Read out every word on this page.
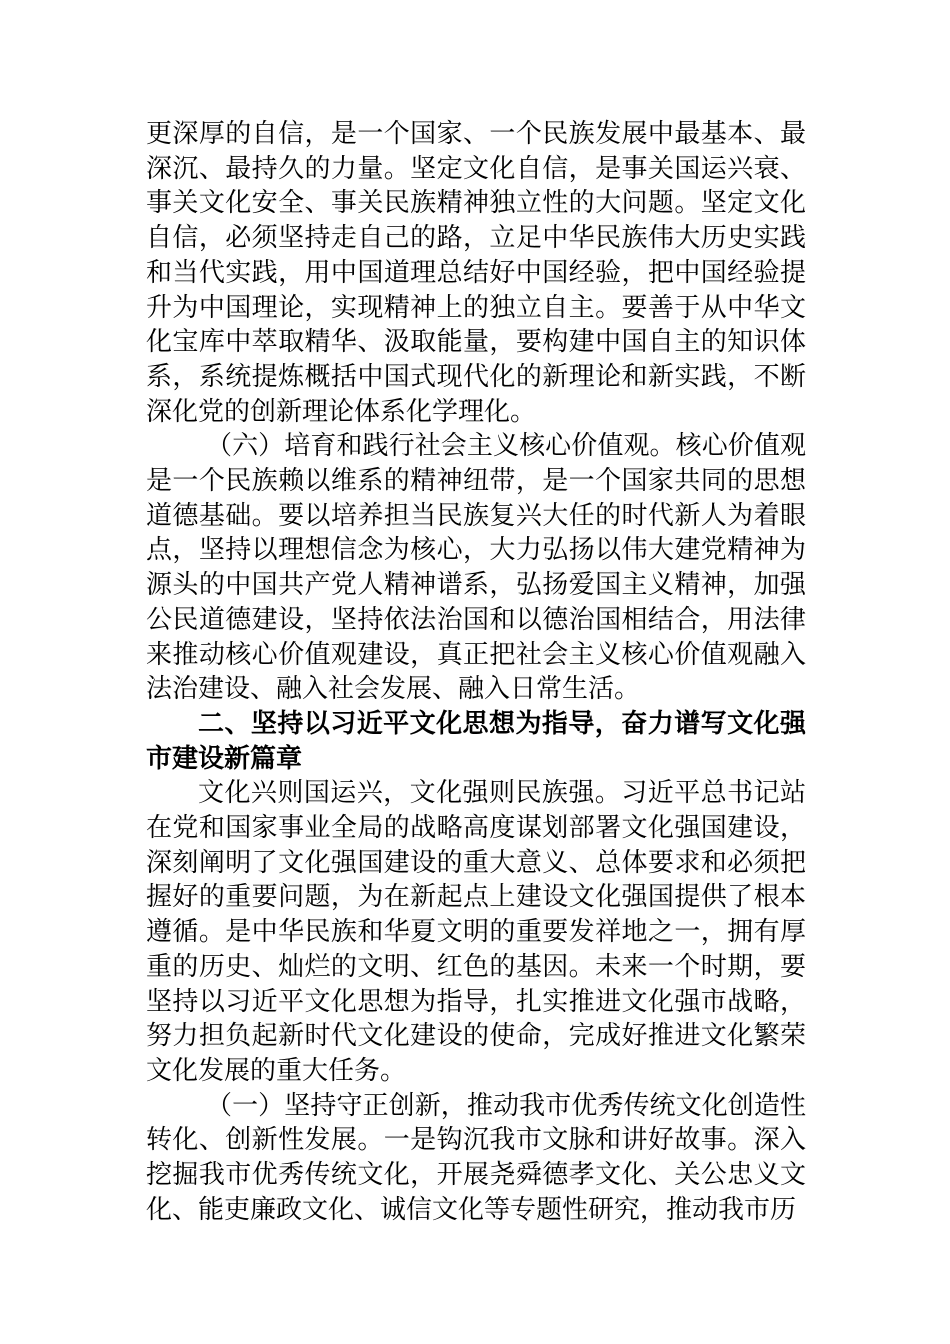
更深厚的自信，是一个国家、一个民族发展中最基本、最深沉、最持久的力量。坚定文化自信，是事关国运兴衰、事关文化安全、事关民族精神独立性的大问题。坚定文化自信，必须坚持走自己的路，立足中华民族伟大历史实践和当代实践，用中国道理总结好中国经验，把中国经验提升为中国理论，实现精神上的独立自主。要善于从中华文化宝库中萃取精华、汲取能量，要构建中国自主的知识体系，系统提炼概括中国式现代化的新理论和新实践，不断深化党的创新理论体系化学理化。

（六）培育和践行社会主义核心价值观。核心价值观是一个民族赖以维系的精神纽带，是一个国家共同的思想道德基础。要以培养担当民族复兴大任的时代新人为着眼点，坚持以理想信念为核心，大力弘扬以伟大建党精神为源头的中国共产党人精神谱系，弘扬爱国主义精神，加强公民道德建设，坚持依法治国和以德治国相结合，用法律来推动核心价值观建设，真正把社会主义核心价值观融入法治建设、融入社会发展、融入日常生活。

二、坚持以习近平文化思想为指导，奋力谱写文化强市建设新篇章

文化兴则国运兴，文化强则民族强。习近平总书记站在党和国家事业全局的战略高度谋划部署文化强国建设，深刻阐明了文化强国建设的重大意义、总体要求和必须把握好的重要问题，为在新起点上建设文化强国提供了根本遵循。是中华民族和华夏文明的重要发祥地之一，拥有厚重的历史、灿烂的文明、红色的基因。未来一个时期，要坚持以习近平文化思想为指导，扎实推进文化强市战略，努力担负起新时代文化建设的使命，完成好推进文化繁荣文化发展的重大任务。

（一）坚持守正创新，推动我市优秀传统文化创造性转化、创新性发展。一是钩沉我市文脉和讲好故事。深入挖掘我市优秀传统文化，开展尧舜德孝文化、关公忠义文化、能吏廉政文化、诚信文化等专题性研究，推动我市历
